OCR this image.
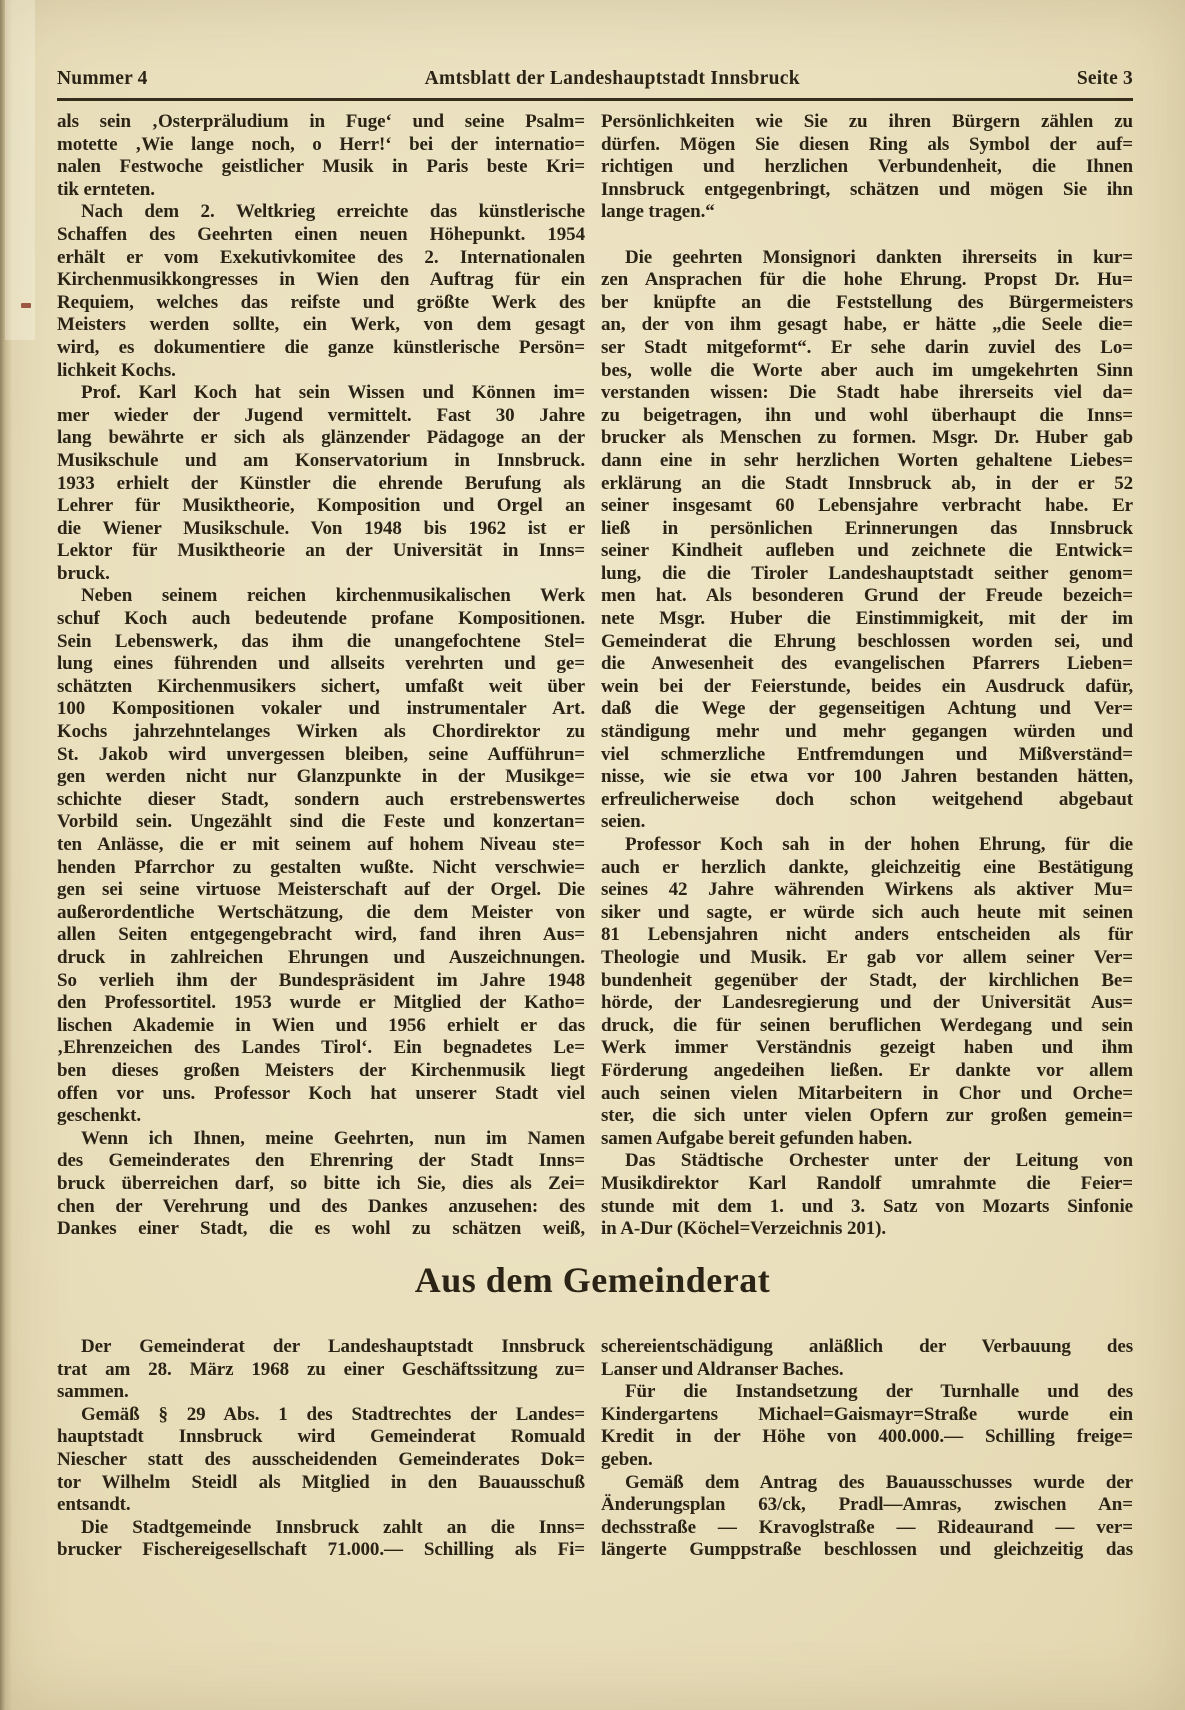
Nummer 4	Amtsblatt der Landeshauptstadt Innsbruck	Seite 3
als sein ‚Osterpräludium in Fuge‘ und seine Psalm=
motette ‚Wie lange noch, o Herr!‘ bei der internatio=
nalen Festwoche geistlicher Musik in Paris beste Kri=
tik ernteten.
Nach dem 2. Weltkrieg erreichte das künstlerische
Schaffen des Geehrten einen neuen Höhepunkt. 1954
erhält er vom Exekutivkomitee des 2. Internationalen
Kirchenmusikkongresses in Wien den Auftrag für ein
Requiem, welches das reifste und größte Werk des
Meisters werden sollte, ein Werk, von dem gesagt
wird, es dokumentiere die ganze künstlerische Persön=
lichkeit Kochs.
Prof. Karl Koch hat sein Wissen und Können im=
mer wieder der Jugend vermittelt. Fast 30 Jahre
lang bewährte er sich als glänzender Pädagoge an der
Musikschule und am Konservatorium in Innsbruck.
1933 erhielt der Künstler die ehrende Berufung als
Lehrer für Musiktheorie, Komposition und Orgel an
die Wiener Musikschule. Von 1948 bis 1962 ist er
Lektor für Musiktheorie an der Universität in Inns=
bruck.
Neben seinem reichen kirchenmusikalischen Werk
schuf Koch auch bedeutende profane Kompositionen.
Sein Lebenswerk, das ihm die unangefochtene Stel=
lung eines führenden und allseits verehrten und ge=
schätzten Kirchenmusikers sichert, umfaßt weit über
100 Kompositionen vokaler und instrumentaler Art.
Kochs jahrzehntelanges Wirken als Chordirektor zu
St. Jakob wird unvergessen bleiben, seine Aufführun=
gen werden nicht nur Glanzpunkte in der Musikge=
schichte dieser Stadt, sondern auch erstrebenswertes
Vorbild sein. Ungezählt sind die Feste und konzertan=
ten Anlässe, die er mit seinem auf hohem Niveau ste=
henden Pfarrchor zu gestalten wußte. Nicht verschwie=
gen sei seine virtuose Meisterschaft auf der Orgel. Die
außerordentliche Wertschätzung, die dem Meister von
allen Seiten entgegengebracht wird, fand ihren Aus=
druck in zahlreichen Ehrungen und Auszeichnungen.
So verlieh ihm der Bundespräsident im Jahre 1948
den Professortitel. 1953 wurde er Mitglied der Katho=
lischen Akademie in Wien und 1956 erhielt er das
‚Ehrenzeichen des Landes Tirol‘. Ein begnadetes Le=
ben dieses großen Meisters der Kirchenmusik liegt
offen vor uns. Professor Koch hat unserer Stadt viel
geschenkt.
Wenn ich Ihnen, meine Geehrten, nun im Namen
des Gemeinderates den Ehrenring der Stadt Inns=
bruck überreichen darf, so bitte ich Sie, dies als Zei=
chen der Verehrung und des Dankes anzusehen: des
Dankes einer Stadt, die es wohl zu schätzen weiß,
Persönlichkeiten wie Sie zu ihren Bürgern zählen zu
dürfen. Mögen Sie diesen Ring als Symbol der auf=
richtigen und herzlichen Verbundenheit, die Ihnen
Innsbruck entgegenbringt, schätzen und mögen Sie ihn
lange tragen.“
Die geehrten Monsignori dankten ihrerseits in kur=
zen Ansprachen für die hohe Ehrung. Propst Dr. Hu=
ber knüpfte an die Feststellung des Bürgermeisters
an, der von ihm gesagt habe, er hätte „die Seele die=
ser Stadt mitgeformt“. Er sehe darin zuviel des Lo=
bes, wolle die Worte aber auch im umgekehrten Sinn
verstanden wissen: Die Stadt habe ihrerseits viel da=
zu beigetragen, ihn und wohl überhaupt die Inns=
brucker als Menschen zu formen. Msgr. Dr. Huber gab
dann eine in sehr herzlichen Worten gehaltene Liebes=
erklärung an die Stadt Innsbruck ab, in der er 52
seiner insgesamt 60 Lebensjahre verbracht habe. Er
ließ in persönlichen Erinnerungen das Innsbruck
seiner Kindheit aufleben und zeichnete die Entwick=
lung, die die Tiroler Landeshauptstadt seither genom=
men hat. Als besonderen Grund der Freude bezeich=
nete Msgr. Huber die Einstimmigkeit, mit der im
Gemeinderat die Ehrung beschlossen worden sei, und
die Anwesenheit des evangelischen Pfarrers Lieben=
wein bei der Feierstunde, beides ein Ausdruck dafür,
daß die Wege der gegenseitigen Achtung und Ver=
ständigung mehr und mehr gegangen würden und
viel schmerzliche Entfremdungen und Mißverständ=
nisse, wie sie etwa vor 100 Jahren bestanden hätten,
erfreulicherweise doch schon weitgehend abgebaut
seien.
Professor Koch sah in der hohen Ehrung, für die
auch er herzlich dankte, gleichzeitig eine Bestätigung
seines 42 Jahre währenden Wirkens als aktiver Mu=
siker und sagte, er würde sich auch heute mit seinen
81 Lebensjahren nicht anders entscheiden als für
Theologie und Musik. Er gab vor allem seiner Ver=
bundenheit gegenüber der Stadt, der kirchlichen Be=
hörde, der Landesregierung und der Universität Aus=
druck, die für seinen beruflichen Werdegang und sein
Werk immer Verständnis gezeigt haben und ihm
Förderung angedeihen ließen. Er dankte vor allem
auch seinen vielen Mitarbeitern in Chor und Orche=
ster, die sich unter vielen Opfern zur großen gemein=
samen Aufgabe bereit gefunden haben.
Das Städtische Orchester unter der Leitung von
Musikdirektor Karl Randolf umrahmte die Feier=
stunde mit dem 1. und 3. Satz von Mozarts Sinfonie
in A-Dur (Köchel=Verzeichnis 201).
Aus dem Gemeinderat
Der Gemeinderat der Landeshauptstadt Innsbruck
trat am 28. März 1968 zu einer Geschäftssitzung zu=
sammen.
Gemäß § 29 Abs. 1 des Stadtrechtes der Landes=
hauptstadt Innsbruck wird Gemeinderat Romuald
Niescher statt des ausscheidenden Gemeinderates Dok=
tor Wilhelm Steidl als Mitglied in den Bauausschuß
entsandt.
Die Stadtgemeinde Innsbruck zahlt an die Inns=
brucker Fischereigesellschaft 71.000.— Schilling als Fi=
schereientschädigung anläßlich der Verbauung des
Lanser und Aldranser Baches.
Für die Instandsetzung der Turnhalle und des
Kindergartens Michael=Gaismayr=Straße wurde ein
Kredit in der Höhe von 400.000.— Schilling freige=
geben.
Gemäß dem Antrag des Bauausschusses wurde der
Änderungsplan 63/ck, Pradl—Amras, zwischen An=
dechsstraße — Kravoglstraße — Rideaurand — ver=
längerte Gumppstraße beschlossen und gleichzeitig das
